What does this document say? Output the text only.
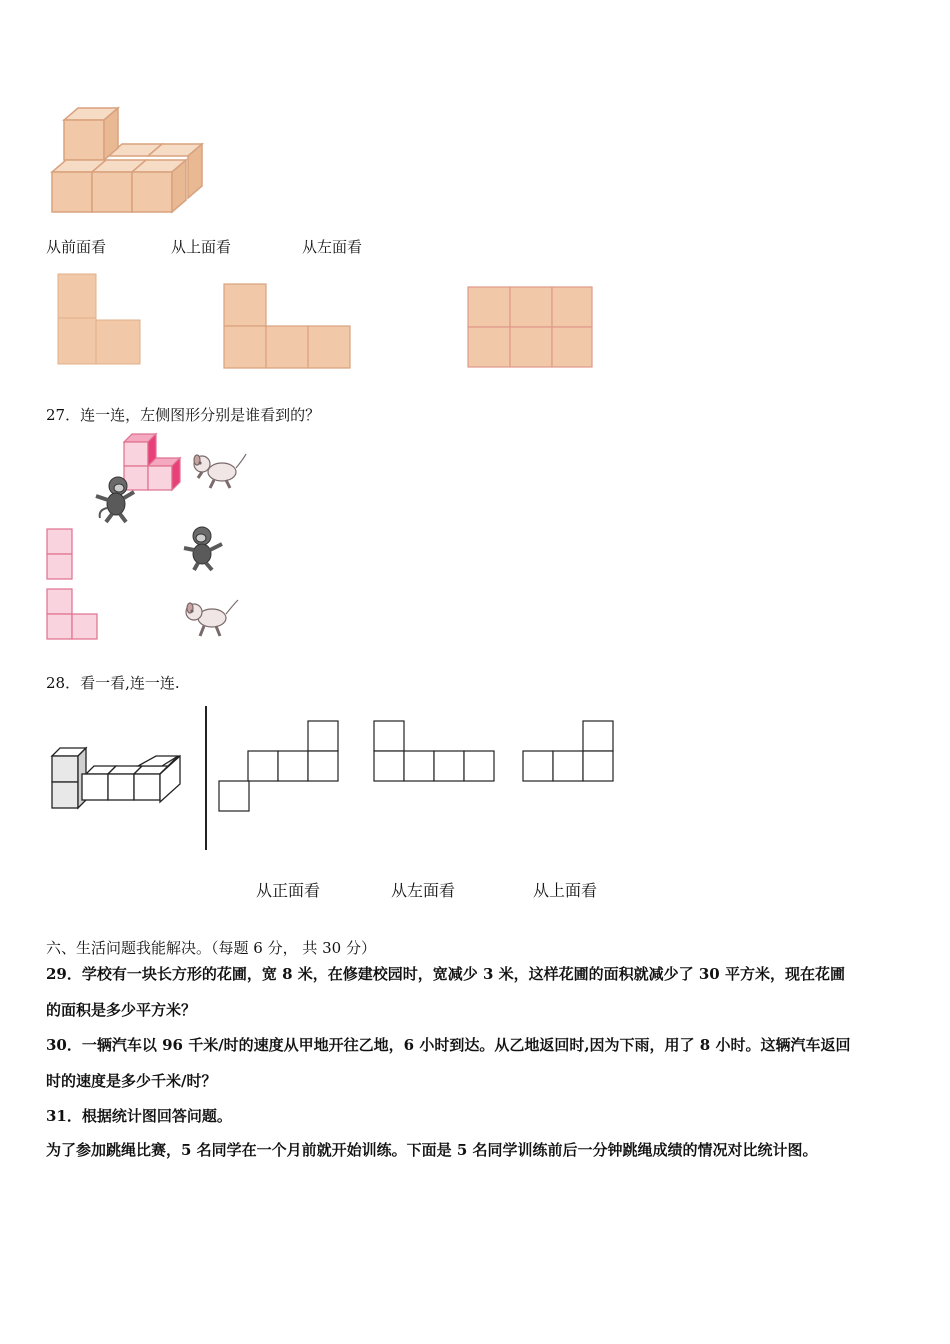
从前面看	从上面看	从左面看
27．连一连，左侧图形分别是谁看到的？
28．看一看,连一连.
从正面看	从左面看	从上面看
六、生活问题我能解决。（每题 6 分， 共 30 分）
29．学校有一块长方形的花圃，宽 8 米，在修建校园时，宽减少 3 米，这样花圃的面积就减少了 30 平方米，现在花圃
的面积是多少平方米？
30．一辆汽车以 96 千米/时的速度从甲地开往乙地，6 小时到达。从乙地返回时,因为下雨，用了 8 小时。这辆汽车返回
时的速度是多少千米/时？
31．根据统计图回答问题。
为了参加跳绳比赛，5 名同学在一个月前就开始训练。下面是 5 名同学训练前后一分钟跳绳成绩的情况对比统计图。
